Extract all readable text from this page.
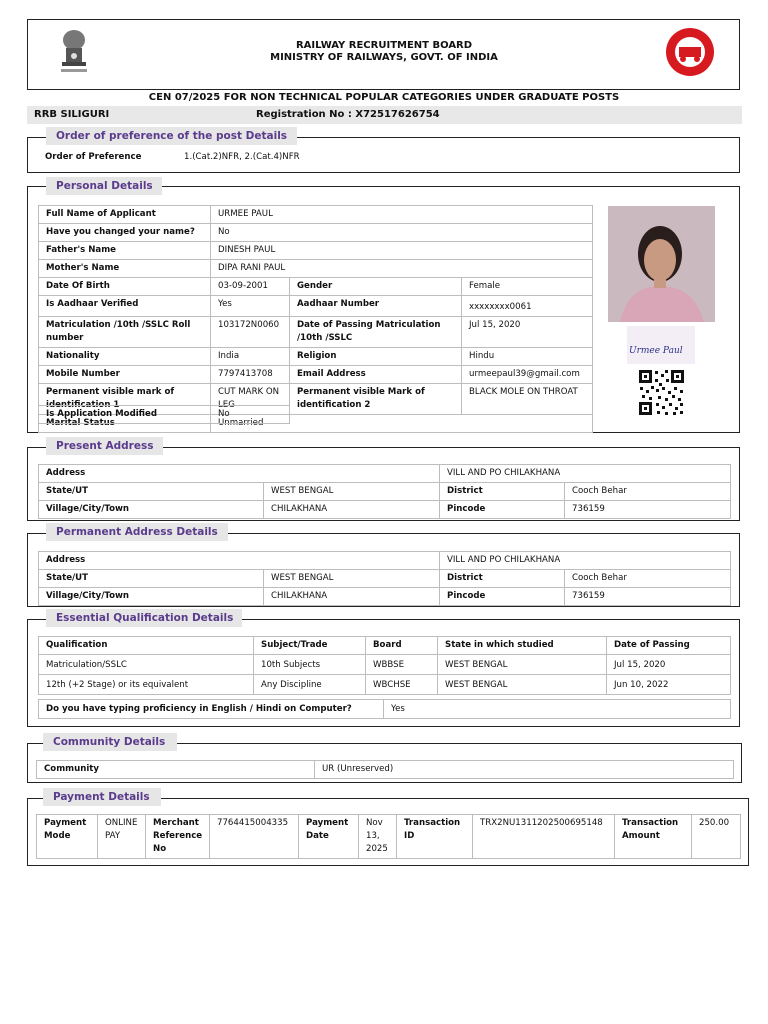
RAILWAY RECRUITMENT BOARD
MINISTRY OF RAILWAYS, GOVT. OF INDIA
CEN 07/2025 FOR NON TECHNICAL POPULAR CATEGORIES UNDER GRADUATE POSTS
RRB SILIGURI	Registration No : X72517626754
Order of preference of the post Details
Order of Preference	1.(Cat.2)NFR, 2.(Cat.4)NFR
Personal Details
Full Name of Applicant	URMEE PAUL		
Have you changed your name?	No		
Father's Name	DINESH PAUL		
Mother's Name	DIPA RANI PAUL		
Date Of Birth	03-09-2001	Gender	Female
Is Aadhaar Verified	Yes	Aadhaar Number	xxxxxxxx0061
Matriculation /10th /SSLC Roll number	103172N0060	Date of Passing Matriculation /10th /SSLC	Jul 15, 2020
Nationality	India	Religion	Hindu
Mobile Number	7797413708	Email Address	urmeepaul39@gmail.com
Permanent visible mark of identification 1	CUT MARK ON LEG	Permanent visible Mark of identification 2	BLACK MOLE ON THROAT
Marital Status	Unmarried		
Is Application Modified	No
Urmee Paul
Present Address
Address		VILL AND PO CHILAKHANA	
State/UT	WEST BENGAL	District	Cooch Behar
Village/City/Town	CHILAKHANA	Pincode	736159
Permanent Address Details
Address		VILL AND PO CHILAKHANA	
State/UT	WEST BENGAL	District	Cooch Behar
Village/City/Town	CHILAKHANA	Pincode	736159
Essential Qualification Details
Qualification	Subject/Trade	Board	State in which studied	Date of Passing
Matriculation/SSLC	10th Subjects	WBBSE	WEST BENGAL	Jul 15, 2020
12th (+2 Stage) or its equivalent	Any Discipline	WBCHSE	WEST BENGAL	Jun 10, 2022
Do you have typing proficiency in English / Hindi on Computer?	Yes
Community Details
Community	UR (Unreserved)
Payment Details
Payment Mode	ONLINE PAY	Merchant Reference No	7764415004335	Payment Date	Nov 13, 2025	Transaction ID	TRX2NU1311202500695148	Transaction Amount	250.00
